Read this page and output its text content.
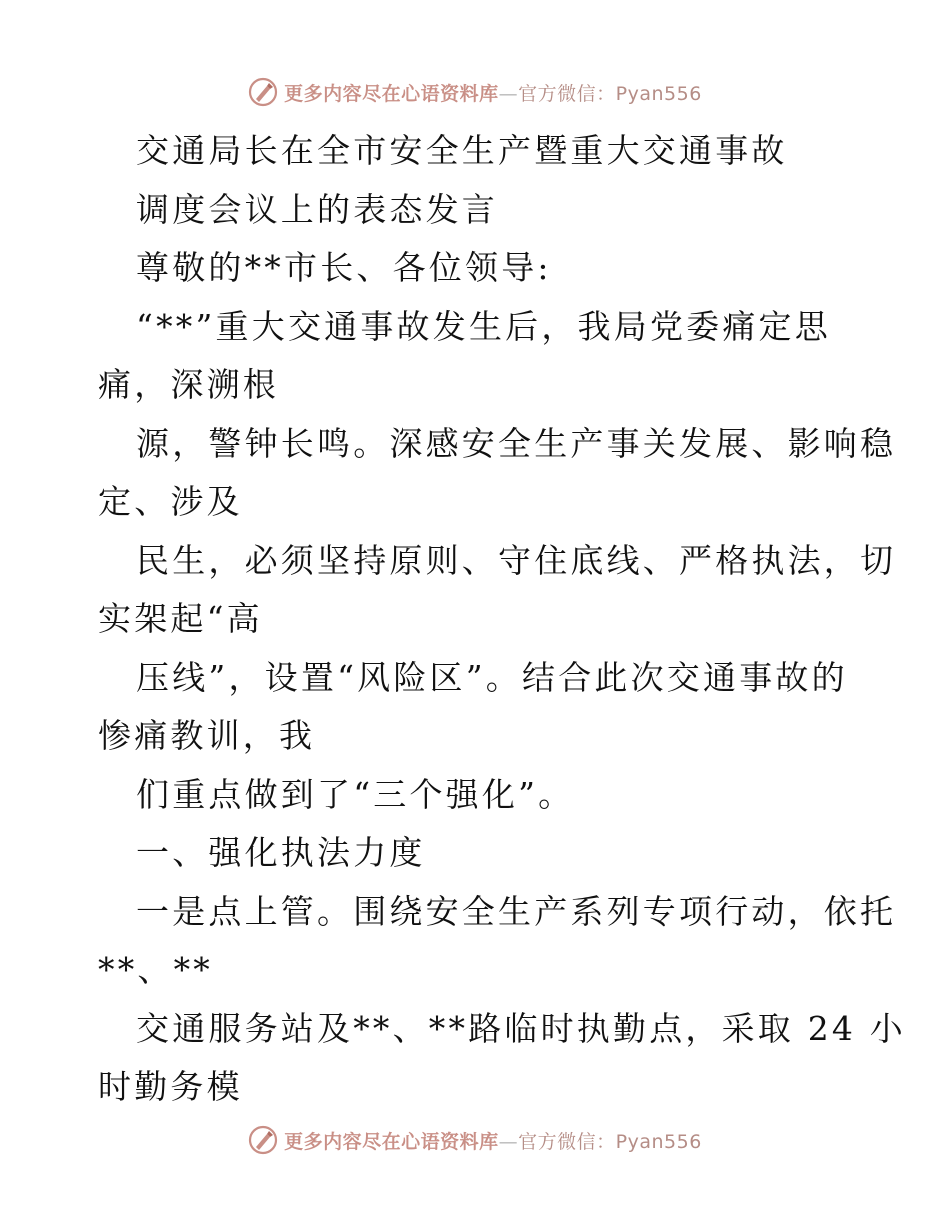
更多内容尽在心语资料库—官方微信：Pyan556
交通局长在全市安全生产暨重大交通事故
调度会议上的表态发言
尊敬的**市长、各位领导:
“**”重大交通事故发生后，我局党委痛定思
痛，深溯根
源，警钟长鸣。深感安全生产事关发展、影响稳
定、涉及
民生，必须坚持原则、守住底线、严格执法，切
实架起“高
压线”，设置“风险区”。结合此次交通事故的
惨痛教训，我
们重点做到了“三个强化”。
一、强化执法力度
一是点上管。围绕安全生产系列专项行动，依托
**、**
交通服务站及**、**路临时执勤点，采取 24 小
时勤务模
更多内容尽在心语资料库—官方微信：Pyan556
